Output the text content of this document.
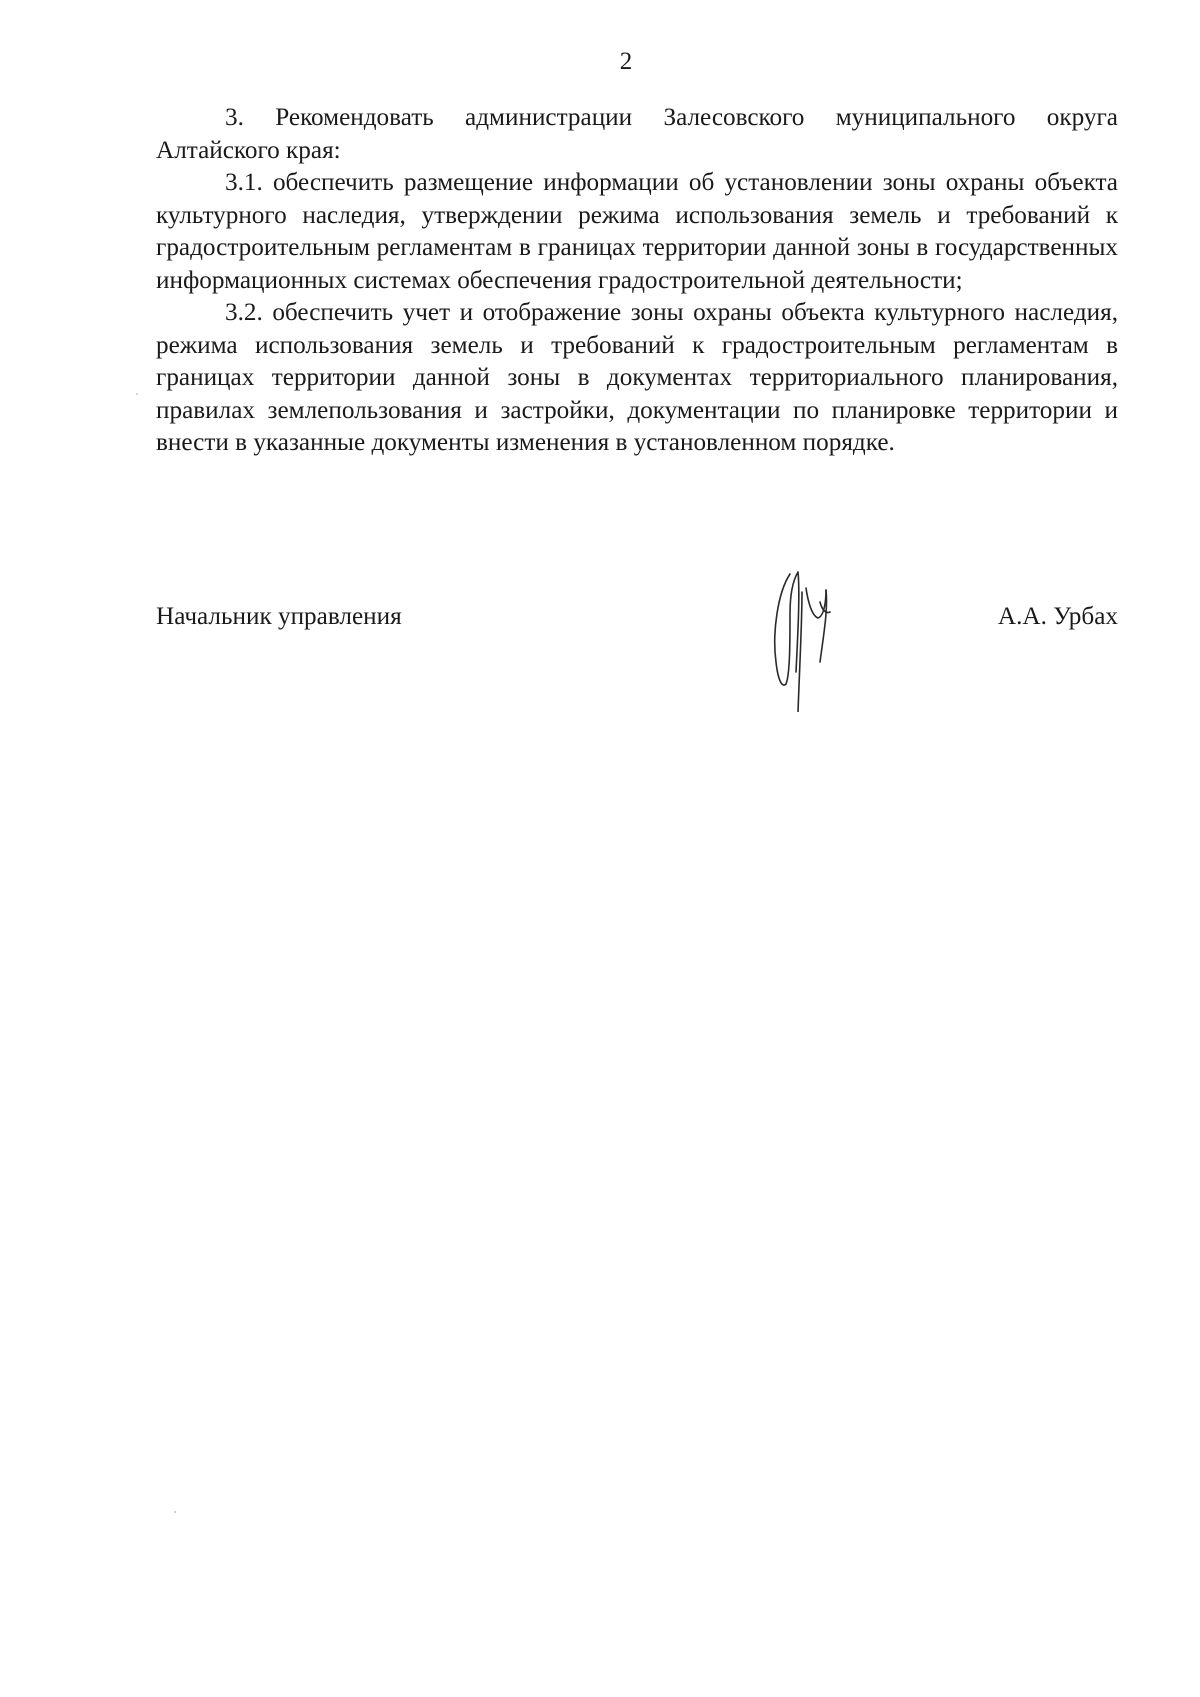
2

3. Рекомендовать администрации Залесовского муниципального округа Алтайского края:

3.1. обеспечить размещение информации об установлении зоны охраны объекта культурного наследия, утверждении режима использования земель и требований к градостроительным регламентам в границах территории данной зоны в государственных информационных системах обеспечения градостроительной деятельности;

3.2. обеспечить учет и отображение зоны охраны объекта культурного наследия, режима использования земель и требований к градостроительным регламентам в границах территории данной зоны в документах территориального планирования, правилах землепользования и застройки, документации по планировке территории и внести в указанные документы изменения в установленном порядке.

Начальник управления	А.А. Урбах
